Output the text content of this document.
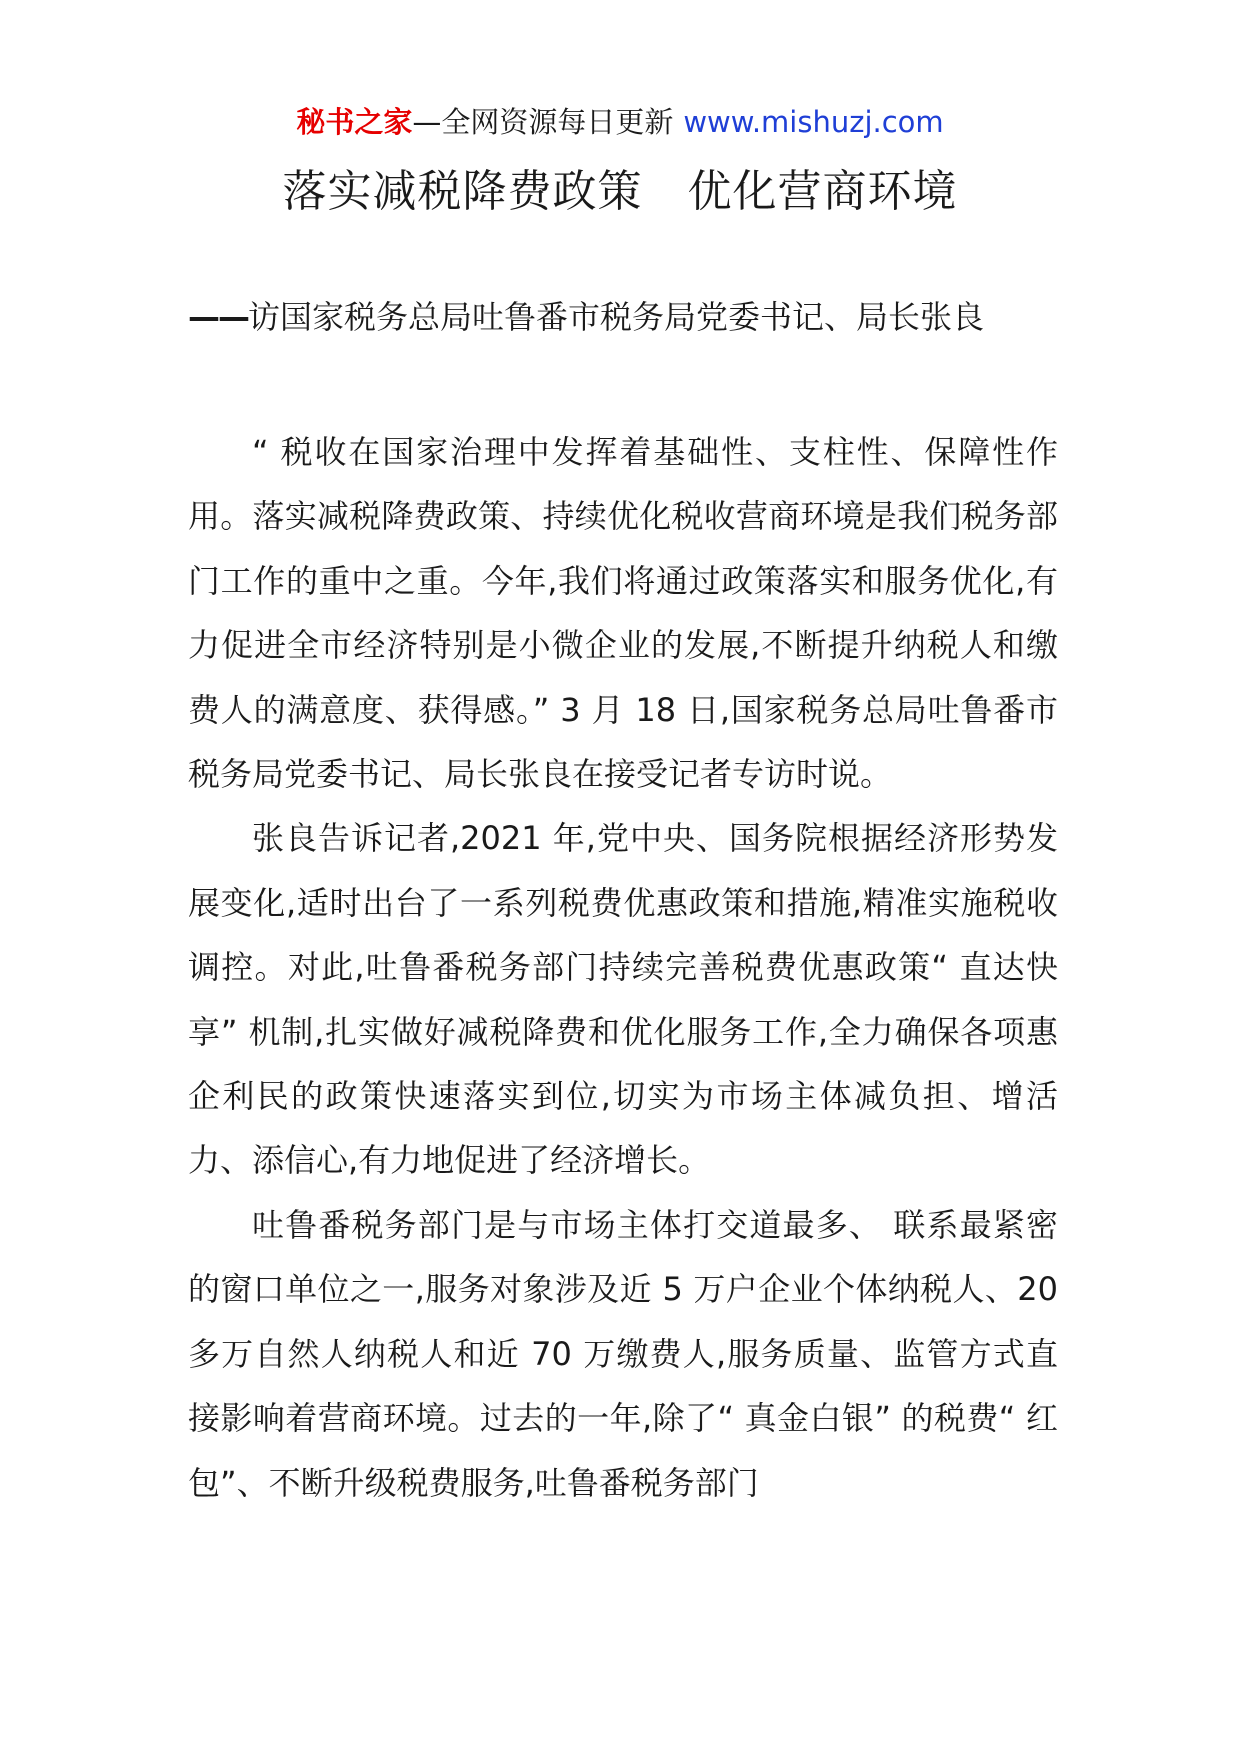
秘书之家—全网资源每日更新 www.mishuzj.com
落实减税降费政策　优化营商环境
——访国家税务总局吐鲁番市税务局党委书记、局长张良

“ 税收在国家治理中发挥着基础性、支柱性、保障性作用。落实减税降费政策、持续优化税收营商环境是我们税务部门工作的重中之重。今年,我们将通过政策落实和服务优化,有力促进全市经济特别是小微企业的发展,不断提升纳税人和缴费人的满意度、获得感。” 3 月 18 日,国家税务总局吐鲁番市税务局党委书记、局长张良在接受记者专访时说。

张良告诉记者,2021 年,党中央、国务院根据经济形势发展变化,适时出台了一系列税费优惠政策和措施,精准实施税收调控。对此,吐鲁番税务部门持续完善税费优惠政策“ 直达快享” 机制,扎实做好减税降费和优化服务工作,全力确保各项惠企利民的政策快速落实到位,切实为市场主体减负担、增活力、添信心,有力地促进了经济增长。

吐鲁番税务部门是与市场主体打交道最多、 联系最紧密的窗口单位之一,服务对象涉及近 5 万户企业个体纳税人、20 多万自然人纳税人和近 70 万缴费人,服务质量、监管方式直接影响着营商环境。过去的一年,除了“ 真金白银” 的税费“ 红包”、不断升级税费服务,吐鲁番税务部门
